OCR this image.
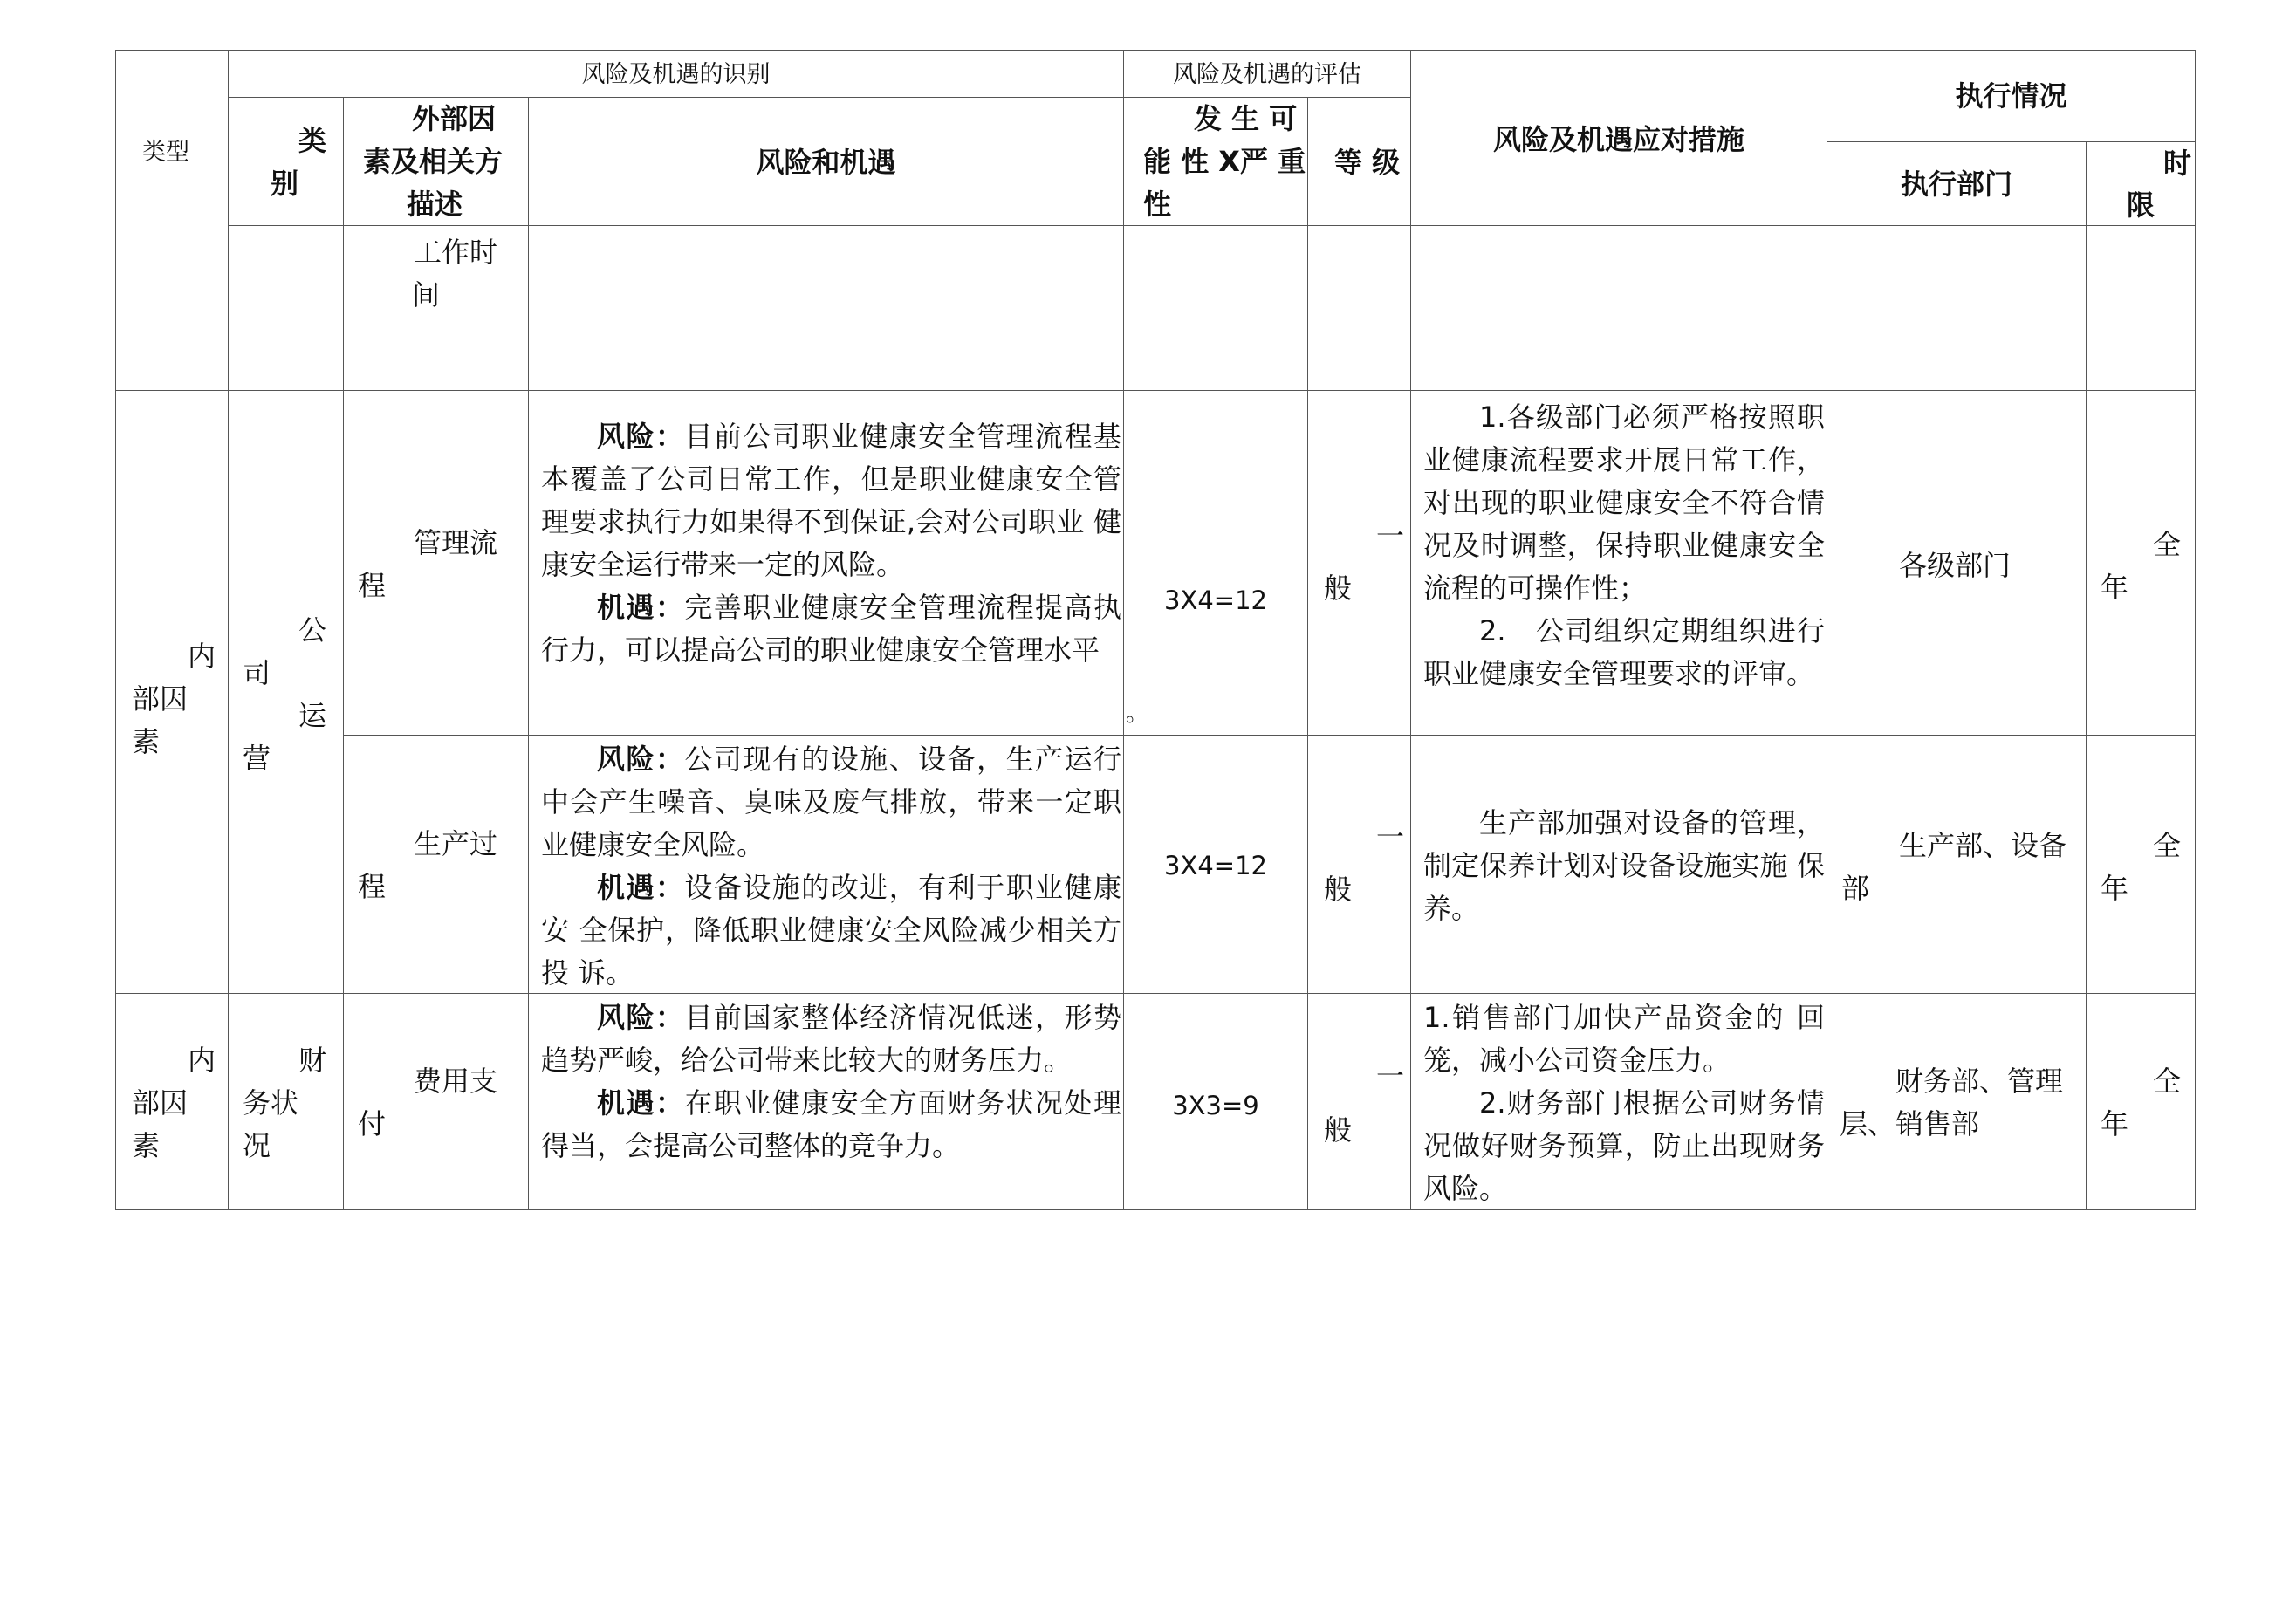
类型
风险及机遇的识别	风险及机遇的评估
风险及机遇应对措施
执行情况
类
别
外部因
素及相关方
描述
风险和机遇
发 生 可
能 性 X严 重
性
等 级
执行部门
时
限
工作时
间
内
部因
素
公
司
运
营
管理流
程

风险：目前公司职业健康安全管理流程基 本覆盖了公司日常工作，但是职业健康安全管 理要求执行力如果得不到保证,会对公司职业 健康安全运行带来一定的风险。

机遇：完善职业健康安全管理流程提高执 行力，可以提高公司的职业健康安全管理水平

3X4=12
。
一
般

1.各级部门必须严格按照职业健康流程要求开展日常工作，对出现的职业健康安全不符合情况及时调整，保持职业健康安全流程的可操作性；

2.　公司组织定期组织进行 职业健康安全管理要求的评审。

各级部门
全
年
生产过
程

风险：公司现有的设施、设备，生产运行 中会产生噪音、臭味及废气排放，带来一定职 业健康安全风险。

机遇：设备设施的改进，有利于职业健康安 全保护，降低职业健康安全风险减少相关方投 诉。

3X4=12
一
般

生产部加强对设备的管理，制定保养计划对设备设施实施 保养。

生产部、设备
部
全
年
内
部因
素
财
务状
况
费用支
付

风险：目前国家整体经济情况低迷，形势 趋势严峻，给公司带来比较大的财务压力。

机遇：在职业健康安全方面财务状况处理 得当，会提高公司整体的竞争力。

3X3=9
一
般

1.销售部门加快产品资金的 回笼，减小公司资金压力。

2.财务部门根据公司财务情况做好财务预算，防止出现财务风险。

财务部、管理
层、销售部
全
年
